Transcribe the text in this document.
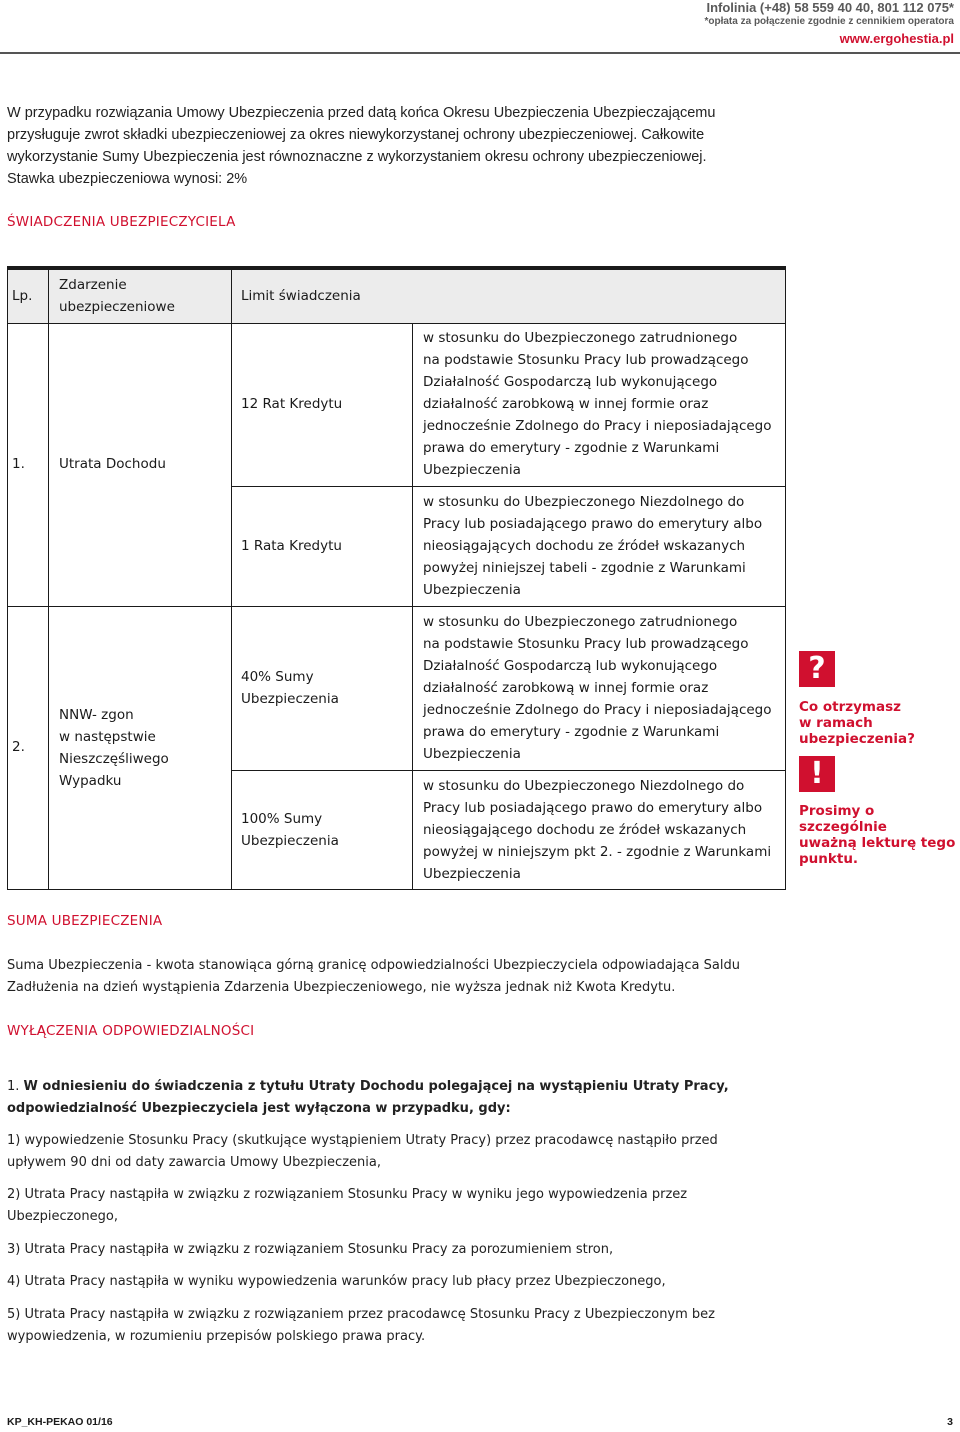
Infolinia (+48) 58 559 40 40, 801 112 075*
*opłata za połączenie zgodnie z cennikiem operatora
www.ergohestia.pl
W przypadku rozwiązania Umowy Ubezpieczenia przed datą końca Okresu Ubezpieczenia Ubezpieczającemu
przysługuje zwrot składki ubezpieczeniowej za okres niewykorzystanej ochrony ubezpieczeniowej. Całkowite
wykorzystanie Sumy Ubezpieczenia jest równoznaczne z wykorzystaniem okresu ochrony ubezpieczeniowej.
Stawka ubezpieczeniowa wynosi: 2%
ŚWIADCZENIA UBEZPIECZYCIELA
Lp.
Zdarzenie
ubezpieczeniowe
Limit świadczenia
1.	Utrata Dochodu
12 Rat Kredytu
w stosunku do Ubezpieczonego zatrudnionego
na podstawie Stosunku Pracy lub prowadzącego
Działalność Gospodarczą lub wykonującego
działalność zarobkową w innej formie oraz
jednocześnie Zdolnego do Pracy i nieposiadającego
prawa do emerytury - zgodnie z Warunkami
Ubezpieczenia
1 Rata Kredytu
w stosunku do Ubezpieczonego Niezdolnego do
Pracy lub posiadającego prawo do emerytury albo
nieosiągających dochodu ze źródeł wskazanych
powyżej niniejszej tabeli - zgodnie z Warunkami
Ubezpieczenia
2.
NNW- zgon
w następstwie
Nieszczęśliwego
Wypadku
40% Sumy
Ubezpieczenia
w stosunku do Ubezpieczonego zatrudnionego
na podstawie Stosunku Pracy lub prowadzącego
Działalność Gospodarczą lub wykonującego
działalność zarobkową w innej formie oraz
jednocześnie Zdolnego do Pracy i nieposiadającego
prawa do emerytury - zgodnie z Warunkami
Ubezpieczenia
100% Sumy
Ubezpieczenia
w stosunku do Ubezpieczonego Niezdolnego do
Pracy lub posiadającego prawo do emerytury albo
nieosiągającego dochodu ze źródeł wskazanych
powyżej w niniejszym pkt 2. - zgodnie z Warunkami
Ubezpieczenia
?
Co otrzymasz
w ramach
ubezpieczenia?
!
Prosimy o szczególnie
uważną lekturę tego
punktu.
SUMA UBEZPIECZENIA
Suma Ubezpieczenia - kwota stanowiąca górną granicę odpowiedzialności Ubezpieczyciela odpowiadająca Saldu
Zadłużenia na dzień wystąpienia Zdarzenia Ubezpieczeniowego, nie wyższa jednak niż Kwota Kredytu.
WYŁĄCZENIA ODPOWIEDZIALNOŚCI
1. W odniesieniu do świadczenia z tytułu Utraty Dochodu polegającej na wystąpieniu Utraty Pracy,
odpowiedzialność Ubezpieczyciela jest wyłączona w przypadku, gdy:
1) wypowiedzenie Stosunku Pracy (skutkujące wystąpieniem Utraty Pracy) przez pracodawcę nastąpiło przed
upływem 90 dni od daty zawarcia Umowy Ubezpieczenia,
2) Utrata Pracy nastąpiła w związku z rozwiązaniem Stosunku Pracy w wyniku jego wypowiedzenia przez
Ubezpieczonego,
3) Utrata Pracy nastąpiła w związku z rozwiązaniem Stosunku Pracy za porozumieniem stron,
4) Utrata Pracy nastąpiła w wyniku wypowiedzenia warunków pracy lub płacy przez Ubezpieczonego,
5) Utrata Pracy nastąpiła w związku z rozwiązaniem przez pracodawcę Stosunku Pracy z Ubezpieczonym bez
wypowiedzenia, w rozumieniu przepisów polskiego prawa pracy.
KP_KH-PEKAO 01/16	3
